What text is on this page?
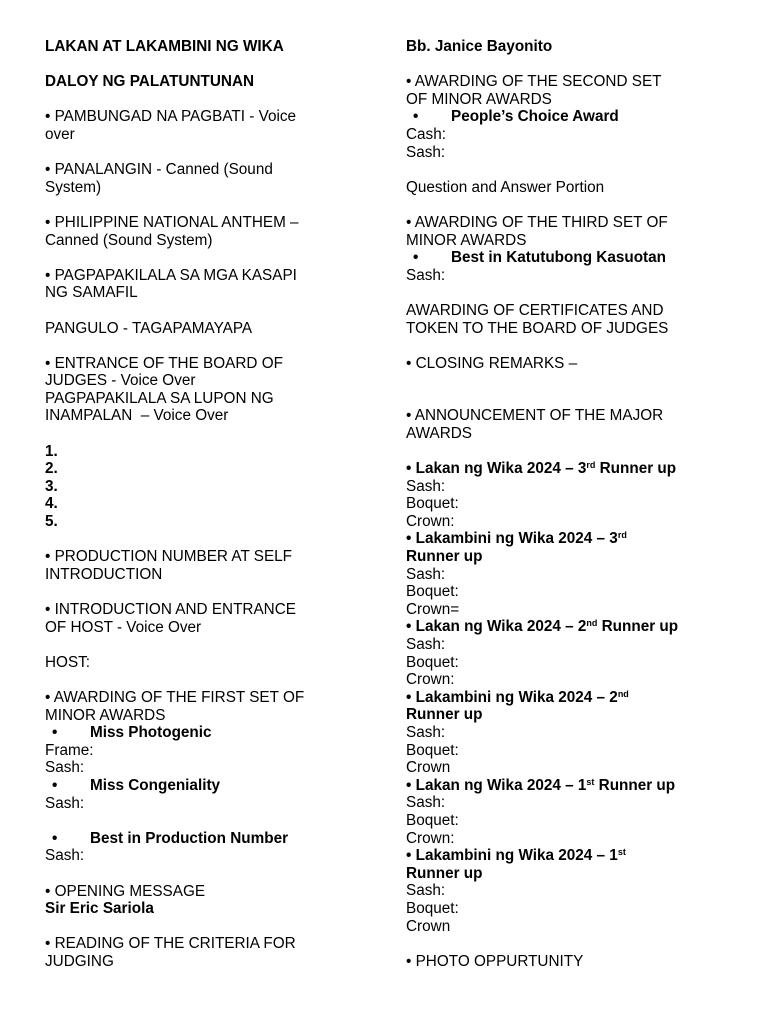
LAKAN AT LAKAMBINI NG WIKA
DALOY NG PALATUNTUNAN
• PAMBUNGAD NA PAGBATI - Voice
over
• PANALANGIN - Canned (Sound
System)
• PHILIPPINE NATIONAL ANTHEM –
Canned (Sound System)
• PAGPAPAKILALA SA MGA KASAPI
NG SAMAFIL
PANGULO - TAGAPAMAYAPA
• ENTRANCE OF THE BOARD OF
JUDGES - Voice Over
PAGPAPAKILALA SA LUPON NG
INAMPALAN  – Voice Over
1.
2.
3.
4.
5.
• PRODUCTION NUMBER AT SELF
INTRODUCTION
• INTRODUCTION AND ENTRANCE
OF HOST - Voice Over
HOST:
• AWARDING OF THE FIRST SET OF
MINOR AWARDS
• Miss Photogenic
Frame:
Sash:
• Miss Congeniality
Sash:
• Best in Production Number
Sash:
• OPENING MESSAGE
Sir Eric Sariola
• READING OF THE CRITERIA FOR
JUDGING
Bb. Janice Bayonito
• AWARDING OF THE SECOND SET
OF MINOR AWARDS
• People’s Choice Award
Cash:
Sash:
Question and Answer Portion
• AWARDING OF THE THIRD SET OF
MINOR AWARDS
• Best in Katutubong Kasuotan
Sash:
AWARDING OF CERTIFICATES AND
TOKEN TO THE BOARD OF JUDGES
• CLOSING REMARKS –
• ANNOUNCEMENT OF THE MAJOR
AWARDS
• Lakan ng Wika 2024 – 3rd Runner up
Sash:
Boquet:
Crown:
• Lakambini ng Wika 2024 – 3rd
Runner up
Sash:
Boquet:
Crown=
• Lakan ng Wika 2024 – 2nd Runner up
Sash:
Boquet:
Crown:
• Lakambini ng Wika 2024 – 2nd
Runner up
Sash:
Boquet:
Crown
• Lakan ng Wika 2024 – 1st Runner up
Sash:
Boquet:
Crown:
• Lakambini ng Wika 2024 – 1st
Runner up
Sash:
Boquet:
Crown
• PHOTO OPPURTUNITY
